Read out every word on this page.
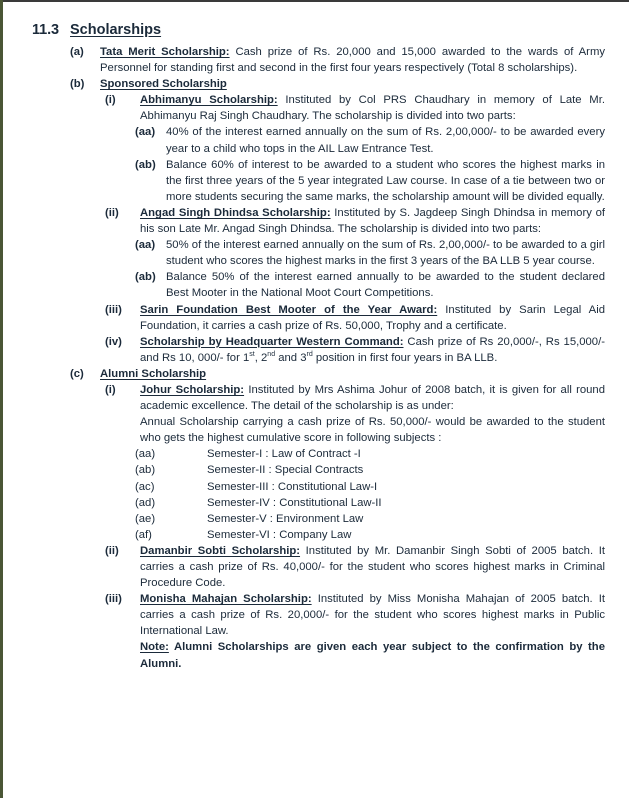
11.3 Scholarships
(a)	Tata Merit Scholarship: Cash prize of Rs. 20,000 and 15,000 awarded to the wards of Army Personnel for standing first and second in the first four years respectively (Total 8 scholarships).
(b)	Sponsored Scholarship
(i)	Abhimanyu Scholarship: Instituted by Col PRS Chaudhary in memory of Late Mr. Abhimanyu Raj Singh Chaudhary. The scholarship is divided into two parts:
(aa) 40% of the interest earned annually on the sum of Rs. 2,00,000/- to be awarded every year to a child who tops in the AIL Law Entrance Test.
(ab) Balance 60% of interest to be awarded to a student who scores the highest marks in the first three years of the 5 year integrated Law course. In case of a tie between two or more students securing the same marks, the scholarship amount will be divided equally.
(ii)	Angad Singh Dhindsa Scholarship: Instituted by S. Jagdeep Singh Dhindsa in memory of his son Late Mr. Angad Singh Dhindsa. The scholarship is divided into two parts:
(aa) 50% of the interest earned annually on the sum of Rs. 2,00,000/- to be awarded to a girl student who scores the highest marks in the first 3 years of the BA LLB 5 year course.
(ab) Balance 50% of the interest earned annually to be awarded to the student declared Best Mooter in the National Moot Court Competitions.
(iii)	Sarin Foundation Best Mooter of the Year Award: Instituted by Sarin Legal Aid Foundation, it carries a cash prize of Rs. 50,000, Trophy and a certificate.
(iv)	Scholarship by Headquarter Western Command: Cash prize of Rs 20,000/-, Rs 15,000/- and Rs 10, 000/- for 1st, 2nd and 3rd position in first four years in BA LLB.
(c)	Alumni Scholarship
(i)	Johur Scholarship: Instituted by Mrs Ashima Johur of 2008 batch, it is given for all round academic excellence. The detail of the scholarship is as under:
Annual Scholarship carrying a cash prize of Rs. 50,000/- would be awarded to the student who gets the highest cumulative score in following subjects :
(aa)	Semester-I : Law of Contract -I
(ab)	Semester-II : Special Contracts
(ac)	Semester-III : Constitutional Law-I
(ad)	Semester-IV : Constitutional Law-II
(ae)	Semester-V : Environment Law
(af)	Semester-VI : Company Law
(ii)	Damanbir Sobti Scholarship: Instituted by Mr. Damanbir Singh Sobti of 2005 batch. It carries a cash prize of Rs. 40,000/- for the student who scores highest marks in Criminal Procedure Code.
(iii)	Monisha Mahajan Scholarship: Instituted by Miss Monisha Mahajan of 2005 batch. It carries a cash prize of Rs. 20,000/- for the student who scores highest marks in Public International Law.
Note: Alumni Scholarships are given each year subject to the confirmation by the Alumni.
